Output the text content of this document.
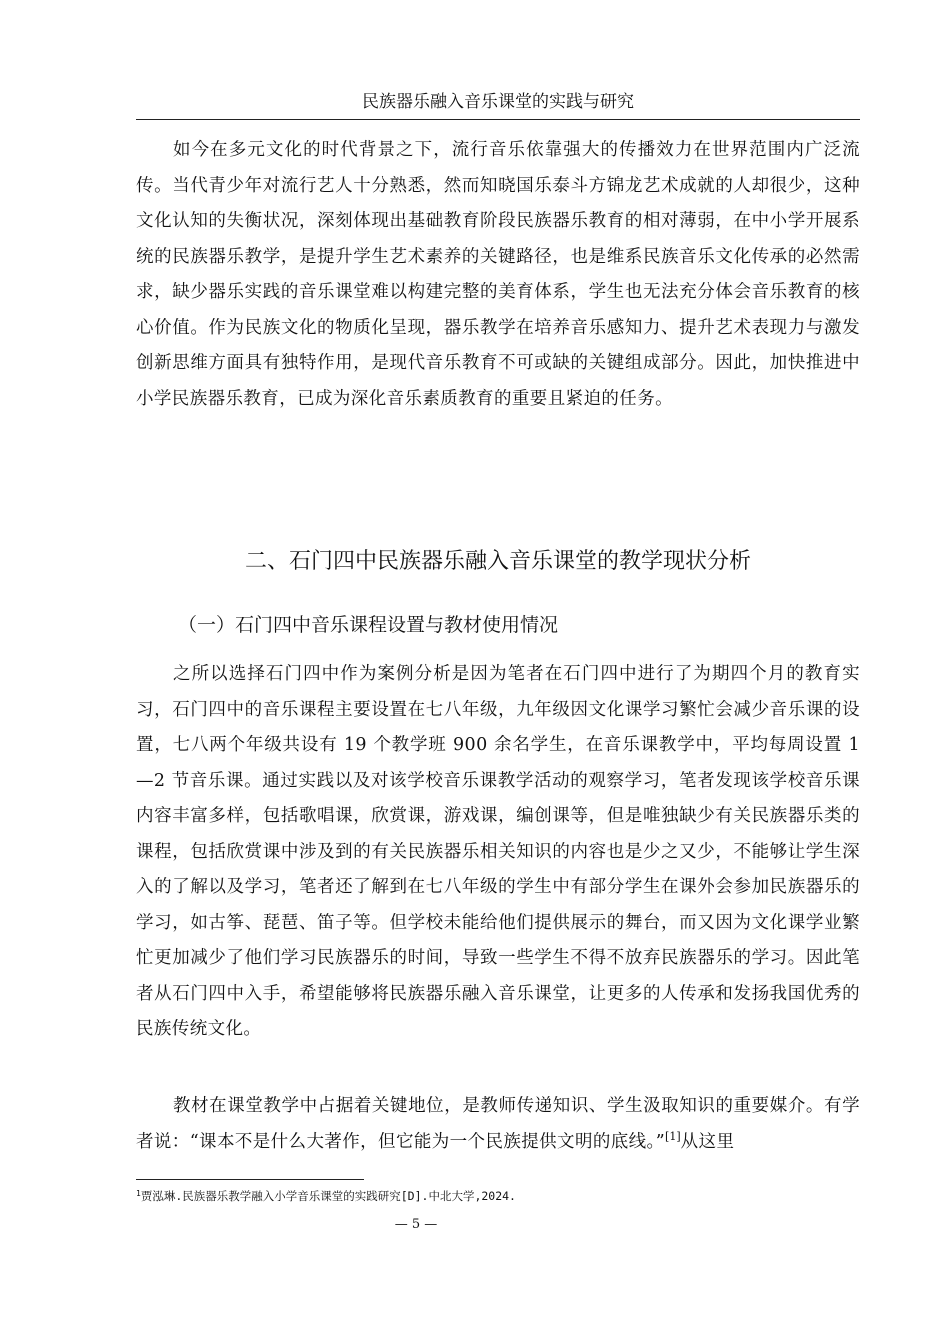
民族器乐融入音乐课堂的实践与研究

如今在多元文化的时代背景之下，流行音乐依靠强大的传播效力在世界范围内广泛流传。当代青少年对流行艺人十分熟悉，然而知晓国乐泰斗方锦龙艺术成就的人却很少，这种文化认知的失衡状况，深刻体现出基础教育阶段民族器乐教育的相对薄弱，在中小学开展系统的民族器乐教学，是提升学生艺术素养的关键路径，也是维系民族音乐文化传承的必然需求，缺少器乐实践的音乐课堂难以构建完整的美育体系，学生也无法充分体会音乐教育的核心价值。作为民族文化的物质化呈现，器乐教学在培养音乐感知力、提升艺术表现力与激发创新思维方面具有独特作用，是现代音乐教育不可或缺的关键组成部分。因此，加快推进中小学民族器乐教育，已成为深化音乐素质教育的重要且紧迫的任务。

二、石门四中民族器乐融入音乐课堂的教学现状分析
（一）石门四中音乐课程设置与教材使用情况

之所以选择石门四中作为案例分析是因为笔者在石门四中进行了为期四个月的教育实习，石门四中的音乐课程主要设置在七八年级，九年级因文化课学习繁忙会减少音乐课的设置，七八两个年级共设有 19 个教学班 900 余名学生，在音乐课教学中，平均每周设置 1—2 节音乐课。通过实践以及对该学校音乐课教学活动的观察学习，笔者发现该学校音乐课内容丰富多样，包括歌唱课，欣赏课，游戏课，编创课等，但是唯独缺少有关民族器乐类的课程，包括欣赏课中涉及到的有关民族器乐相关知识的内容也是少之又少，不能够让学生深入的了解以及学习，笔者还了解到在七八年级的学生中有部分学生在课外会参加民族器乐的学习，如古筝、琵琶、笛子等。但学校未能给他们提供展示的舞台，而又因为文化课学业繁忙更加减少了他们学习民族器乐的时间，导致一些学生不得不放弃民族器乐的学习。因此笔者从石门四中入手，希望能够将民族器乐融入音乐课堂，让更多的人传承和发扬我国优秀的民族传统文化。

教材在课堂教学中占据着关键地位，是教师传递知识、学生汲取知识的重要媒介。有学者说：“课本不是什么大著作，但它能为一个民族提供文明的底线。”[1]从这里

$^1$贾泓琳.民族器乐教学融入小学音乐课堂的实践研究[D].中北大学,2024.

— 5 —
